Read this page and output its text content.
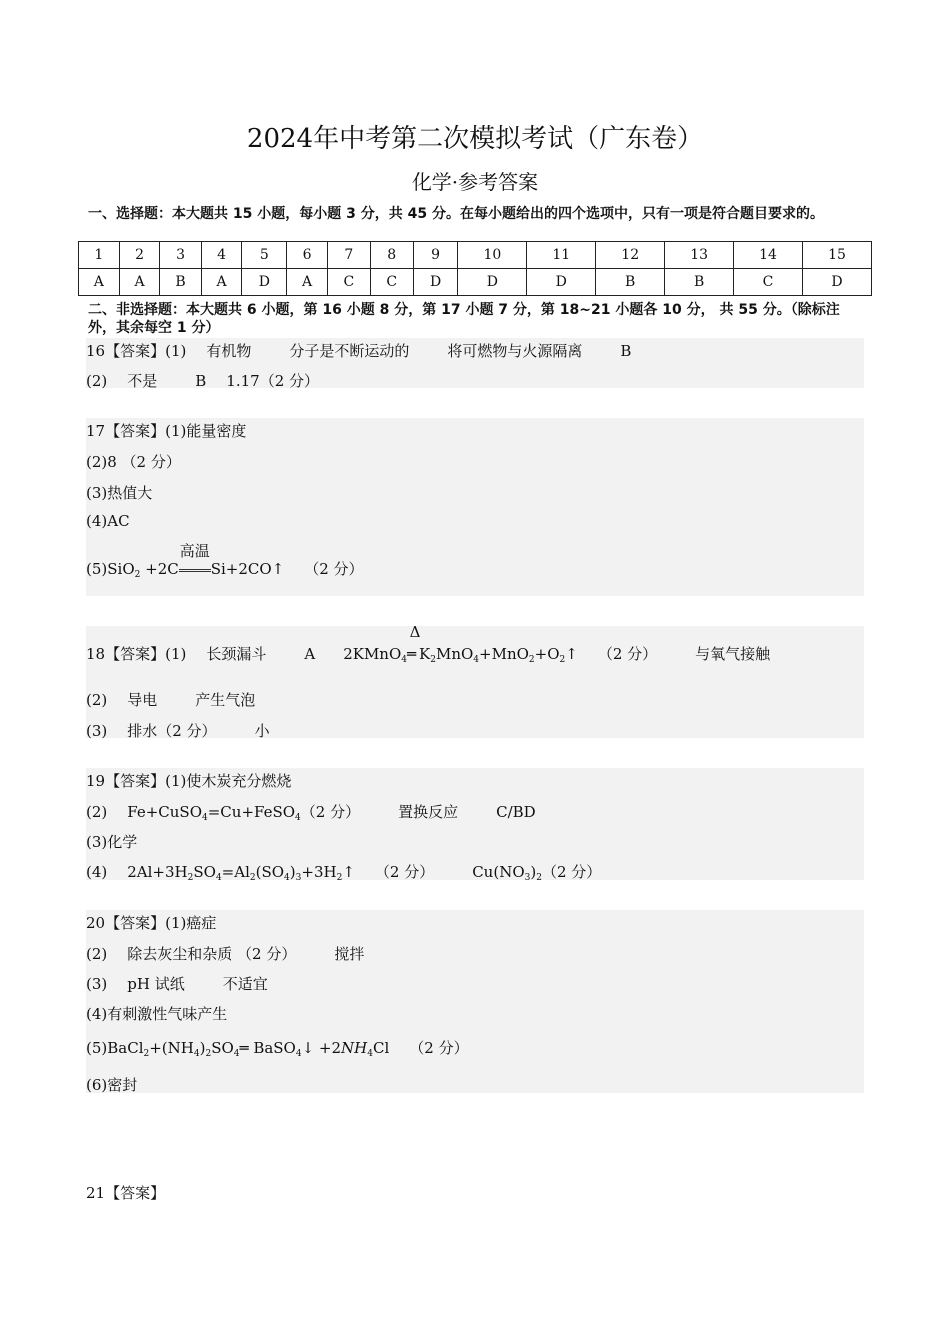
2024年中考第二次模拟考试（广东卷）
化学·参考答案
一、选择题：本大题共 15 小题，每小题 3 分，共 45 分。在每小题给出的四个选项中，只有一项是符合题目要求的。
1	2	3	4	5	6	7	8	9	10	11	12	13	14	15
A	A	B	A	D	A	C	C	D	D	D	B	B	C	D
二、非选择题：本大题共 6 小题，第 16 小题 8 分，第 17 小题 7 分，第 18~21 小题各 10 分， 共 55 分。（除标注外，其余每空 1 分）
16【答案】(1) 有机物	分子是不断运动的	将可燃物与火源隔离	B
(2) 不是	B 1.17（2 分）
17【答案】(1)能量密度
(2)8 （2 分）
(3)热值大
(4)AC
(5)SiO$_2$ +2C
高温
Si+2CO↑ （2 分）
18【答案】(1) 长颈漏斗	A 2KMnO$_4$
Δ
═ $K_2MnO_4+MnO_2+O_2↑$ （2 分）	与氧气接触
(2) 导电	产生气泡
(3) 排水（2 分）	小
19【答案】(1)使木炭充分燃烧
(2) Fe+CuSO$_4$=Cu+FeSO$_4$（2 分）	置换反应	C/BD
(3)化学
(4) $2Al+3H_2SO_4=Al_2(SO_4)_3+3H_2↑$ （2 分）	$Cu(NO_3)_2(2$ 分）
20【答案】(1)癌症
(2) 除去灰尘和杂质 （2 分）	搅拌
(3) pH 试纸	不适宜
(4)有刺激性气味产生
$(5)BaCl_2+(NH_4)_2SO_4═$ BaSO$_4$↓ $+2NH_4Cl$ （2 分）
(6)密封
21【答案】
